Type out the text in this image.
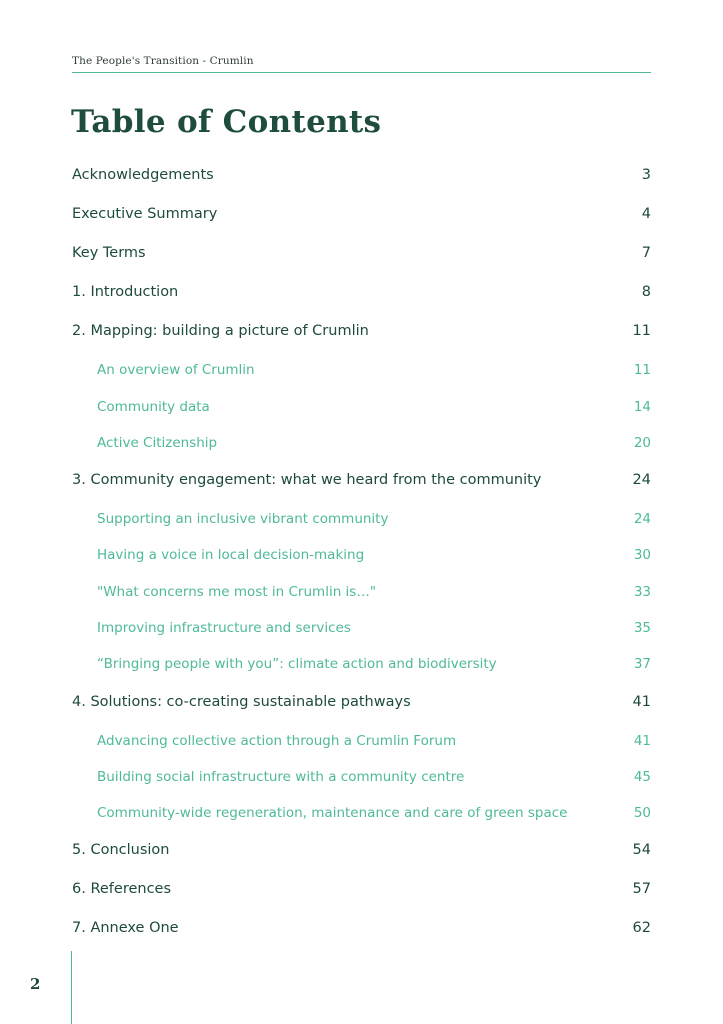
The People's Transition - Crumlin
Table of Contents
Acknowledgements	3
Executive Summary	4
Key Terms	7
1. Introduction	8
2. Mapping: building a picture of Crumlin	11
An overview of Crumlin	11
Community data	14
Active Citizenship	20
3. Community engagement: what we heard from the community	24
Supporting an inclusive vibrant community	24
Having a voice in local decision-making	30
"What concerns me most in Crumlin is…"	33
Improving infrastructure and services	35
“Bringing people with you”: climate action and biodiversity	37
4. Solutions: co-creating sustainable pathways	41
Advancing collective action through a Crumlin Forum	41
Building social infrastructure with a community centre	45
Community-wide regeneration, maintenance and care of green space	50
5. Conclusion	54
6. References	57
7. Annexe One	62
2
